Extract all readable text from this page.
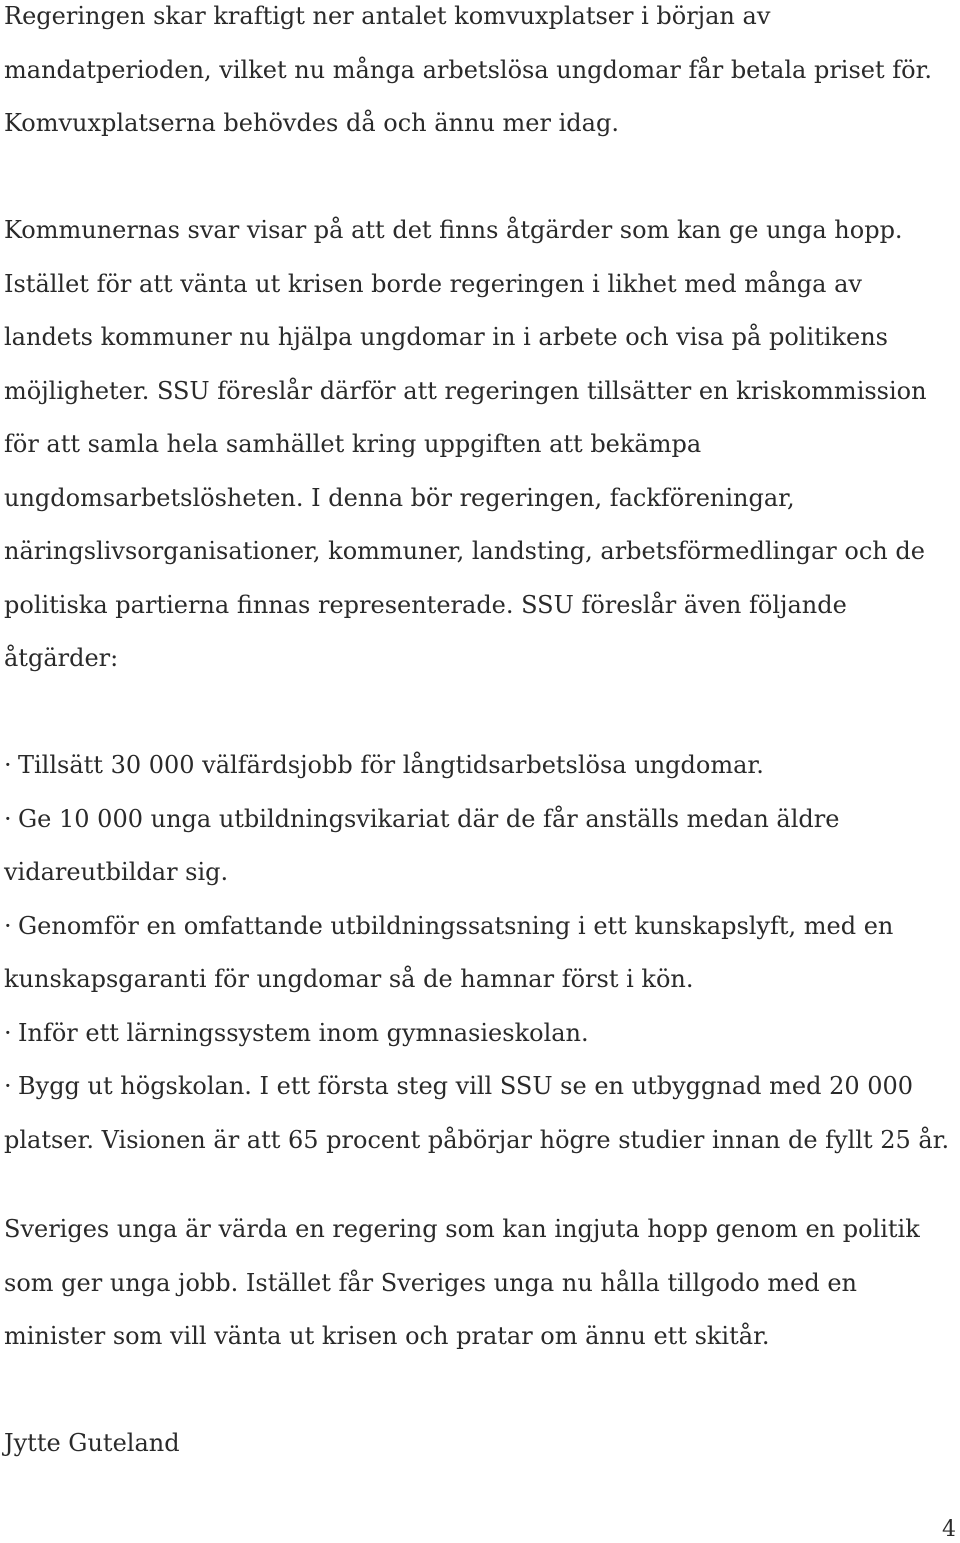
Regeringen skar kraftigt ner antalet komvuxplatser i början av
mandatperioden, vilket nu många arbetslösa ungdomar får betala priset för.
Komvuxplatserna behövdes då och ännu mer idag.

Kommunernas svar visar på att det finns åtgärder som kan ge unga hopp.
Istället för att vänta ut krisen borde regeringen i likhet med många av
landets kommuner nu hjälpa ungdomar in i arbete och visa på politikens
möjligheter. SSU föreslår därför att regeringen tillsätter en kriskommission
för att samla hela samhället kring uppgiften att bekämpa
ungdomsarbetslösheten. I denna bör regeringen, fackföreningar,
näringslivsorganisationer, kommuner, landsting, arbetsförmedlingar och de
politiska partierna finnas representerade. SSU föreslår även följande
åtgärder:

· Tillsätt 30 000 välfärdsjobb för långtidsarbetslösa ungdomar.
· Ge 10 000 unga utbildningsvikariat där de får anställs medan äldre
vidareutbildar sig.
· Genomför en omfattande utbildningssatsning i ett kunskapslyft, med en
kunskapsgaranti för ungdomar så de hamnar först i kön.
· Inför ett lärningssystem inom gymnasieskolan.
· Bygg ut högskolan. I ett första steg vill SSU se en utbyggnad med 20 000
platser. Visionen är att 65 procent påbörjar högre studier innan de fyllt 25 år.

Sveriges unga är värda en regering som kan ingjuta hopp genom en politik
som ger unga jobb. Istället får Sveriges unga nu hålla tillgodo med en
minister som vill vänta ut krisen och pratar om ännu ett skitår.

Jytte Guteland

4
